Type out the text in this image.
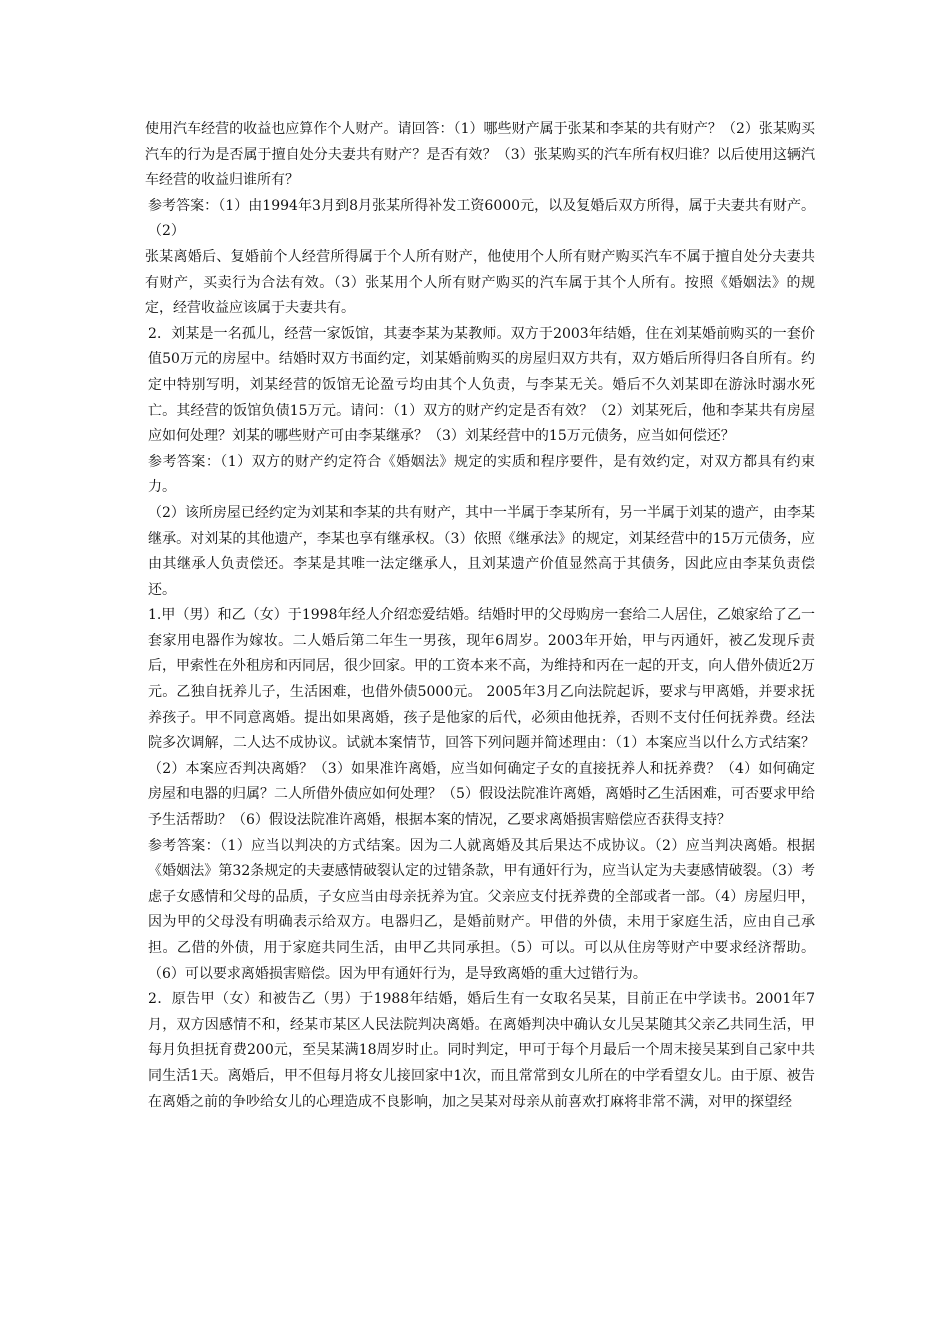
使用汽车经营的收益也应算作个人财产。请回答：（1）哪些财产属于张某和李某的共有财产？（2）张某购买汽车的行为是否属于擅自处分夫妻共有财产？是否有效？（3）张某购买的汽车所有权归谁？以后使用这辆汽车经营的收益归谁所有？

参考答案：（1）由1994年3月到8月张某所得补发工资6000元，以及复婚后双方所得，属于夫妻共有财产。（2）

张某离婚后、复婚前个人经营所得属于个人所有财产，他使用个人所有财产购买汽车不属于擅自处分夫妻共有财产，买卖行为合法有效。（3）张某用个人所有财产购买的汽车属于其个人所有。按照《婚姻法》的规定，经营收益应该属于夫妻共有。

2．刘某是一名孤儿，经营一家饭馆，其妻李某为某教师。双方于2003年结婚，住在刘某婚前购买的一套价值50万元的房屋中。结婚时双方书面约定，刘某婚前购买的房屋归双方共有，双方婚后所得归各自所有。约定中特别写明，刘某经营的饭馆无论盈亏均由其个人负责，与李某无关。婚后不久刘某即在游泳时溺水死亡。其经营的饭馆负债15万元。请问：（1）双方的财产约定是否有效？（2）刘某死后，他和李某共有房屋应如何处理？刘某的哪些财产可由李某继承？（3）刘某经营中的15万元债务，应当如何偿还？

参考答案：（1）双方的财产约定符合《婚姻法》规定的实质和程序要件，是有效约定，对双方都具有约束力。

（2）该所房屋已经约定为刘某和李某的共有财产，其中一半属于李某所有，另一半属于刘某的遗产，由李某继承。对刘某的其他遗产，李某也享有继承权。（3）依照《继承法》的规定，刘某经营中的15万元债务，应由其继承人负责偿还。李某是其唯一法定继承人，且刘某遗产价值显然高于其债务，因此应由李某负责偿还。

1.甲（男）和乙（女）于1998年经人介绍恋爱结婚。结婚时甲的父母购房一套给二人居住，乙娘家给了乙一套家用电器作为嫁妆。二人婚后第二年生一男孩，现年6周岁。2003年开始，甲与丙通奸，被乙发现斥责后，甲索性在外租房和丙同居，很少回家。甲的工资本来不高，为维持和丙在一起的开支，向人借外债近2万元。乙独自抚养儿子，生活困难，也借外债5000元。 2005年3月乙向法院起诉，要求与甲离婚，并要求抚养孩子。甲不同意离婚。提出如果离婚，孩子是他家的后代，必须由他抚养，否则不支付任何抚养费。经法院多次调解，二人达不成协议。试就本案情节，回答下列问题并简述理由：（1）本案应当以什么方式结案？（2）本案应否判决离婚？（3）如果准许离婚，应当如何确定子女的直接抚养人和抚养费？（4）如何确定房屋和电器的归属？二人所借外债应如何处理？（5）假设法院准许离婚，离婚时乙生活困难，可否要求甲给予生活帮助？（6）假设法院准许离婚，根据本案的情况，乙要求离婚损害赔偿应否获得支持？

参考答案：（1）应当以判决的方式结案。因为二人就离婚及其后果达不成协议。（2）应当判决离婚。根据《婚姻法》第32条规定的夫妻感情破裂认定的过错条款，甲有通奸行为，应当认定为夫妻感情破裂。（3）考虑子女感情和父母的品质，子女应当由母亲抚养为宜。父亲应支付抚养费的全部或者一部。（4）房屋归甲，因为甲的父母没有明确表示给双方。电器归乙，是婚前财产。甲借的外债，未用于家庭生活，应由自己承担。乙借的外债，用于家庭共同生活，由甲乙共同承担。（5）可以。可以从住房等财产中要求经济帮助。（6）可以要求离婚损害赔偿。因为甲有通奸行为，是导致离婚的重大过错行为。

2．原告甲（女）和被告乙（男）于1988年结婚，婚后生有一女取名吴某，目前正在中学读书。2001年7月，双方因感情不和，经某市某区人民法院判决离婚。在离婚判决中确认女儿吴某随其父亲乙共同生活，甲每月负担抚育费200元，至吴某满18周岁时止。同时判定，甲可于每个月最后一个周末接吴某到自己家中共同生活1天。离婚后，甲不但每月将女儿接回家中1次，而且常常到女儿所在的中学看望女儿。由于原、被告在离婚之前的争吵给女儿的心理造成不良影响，加之吴某对母亲从前喜欢打麻将非常不满，对甲的探望经
